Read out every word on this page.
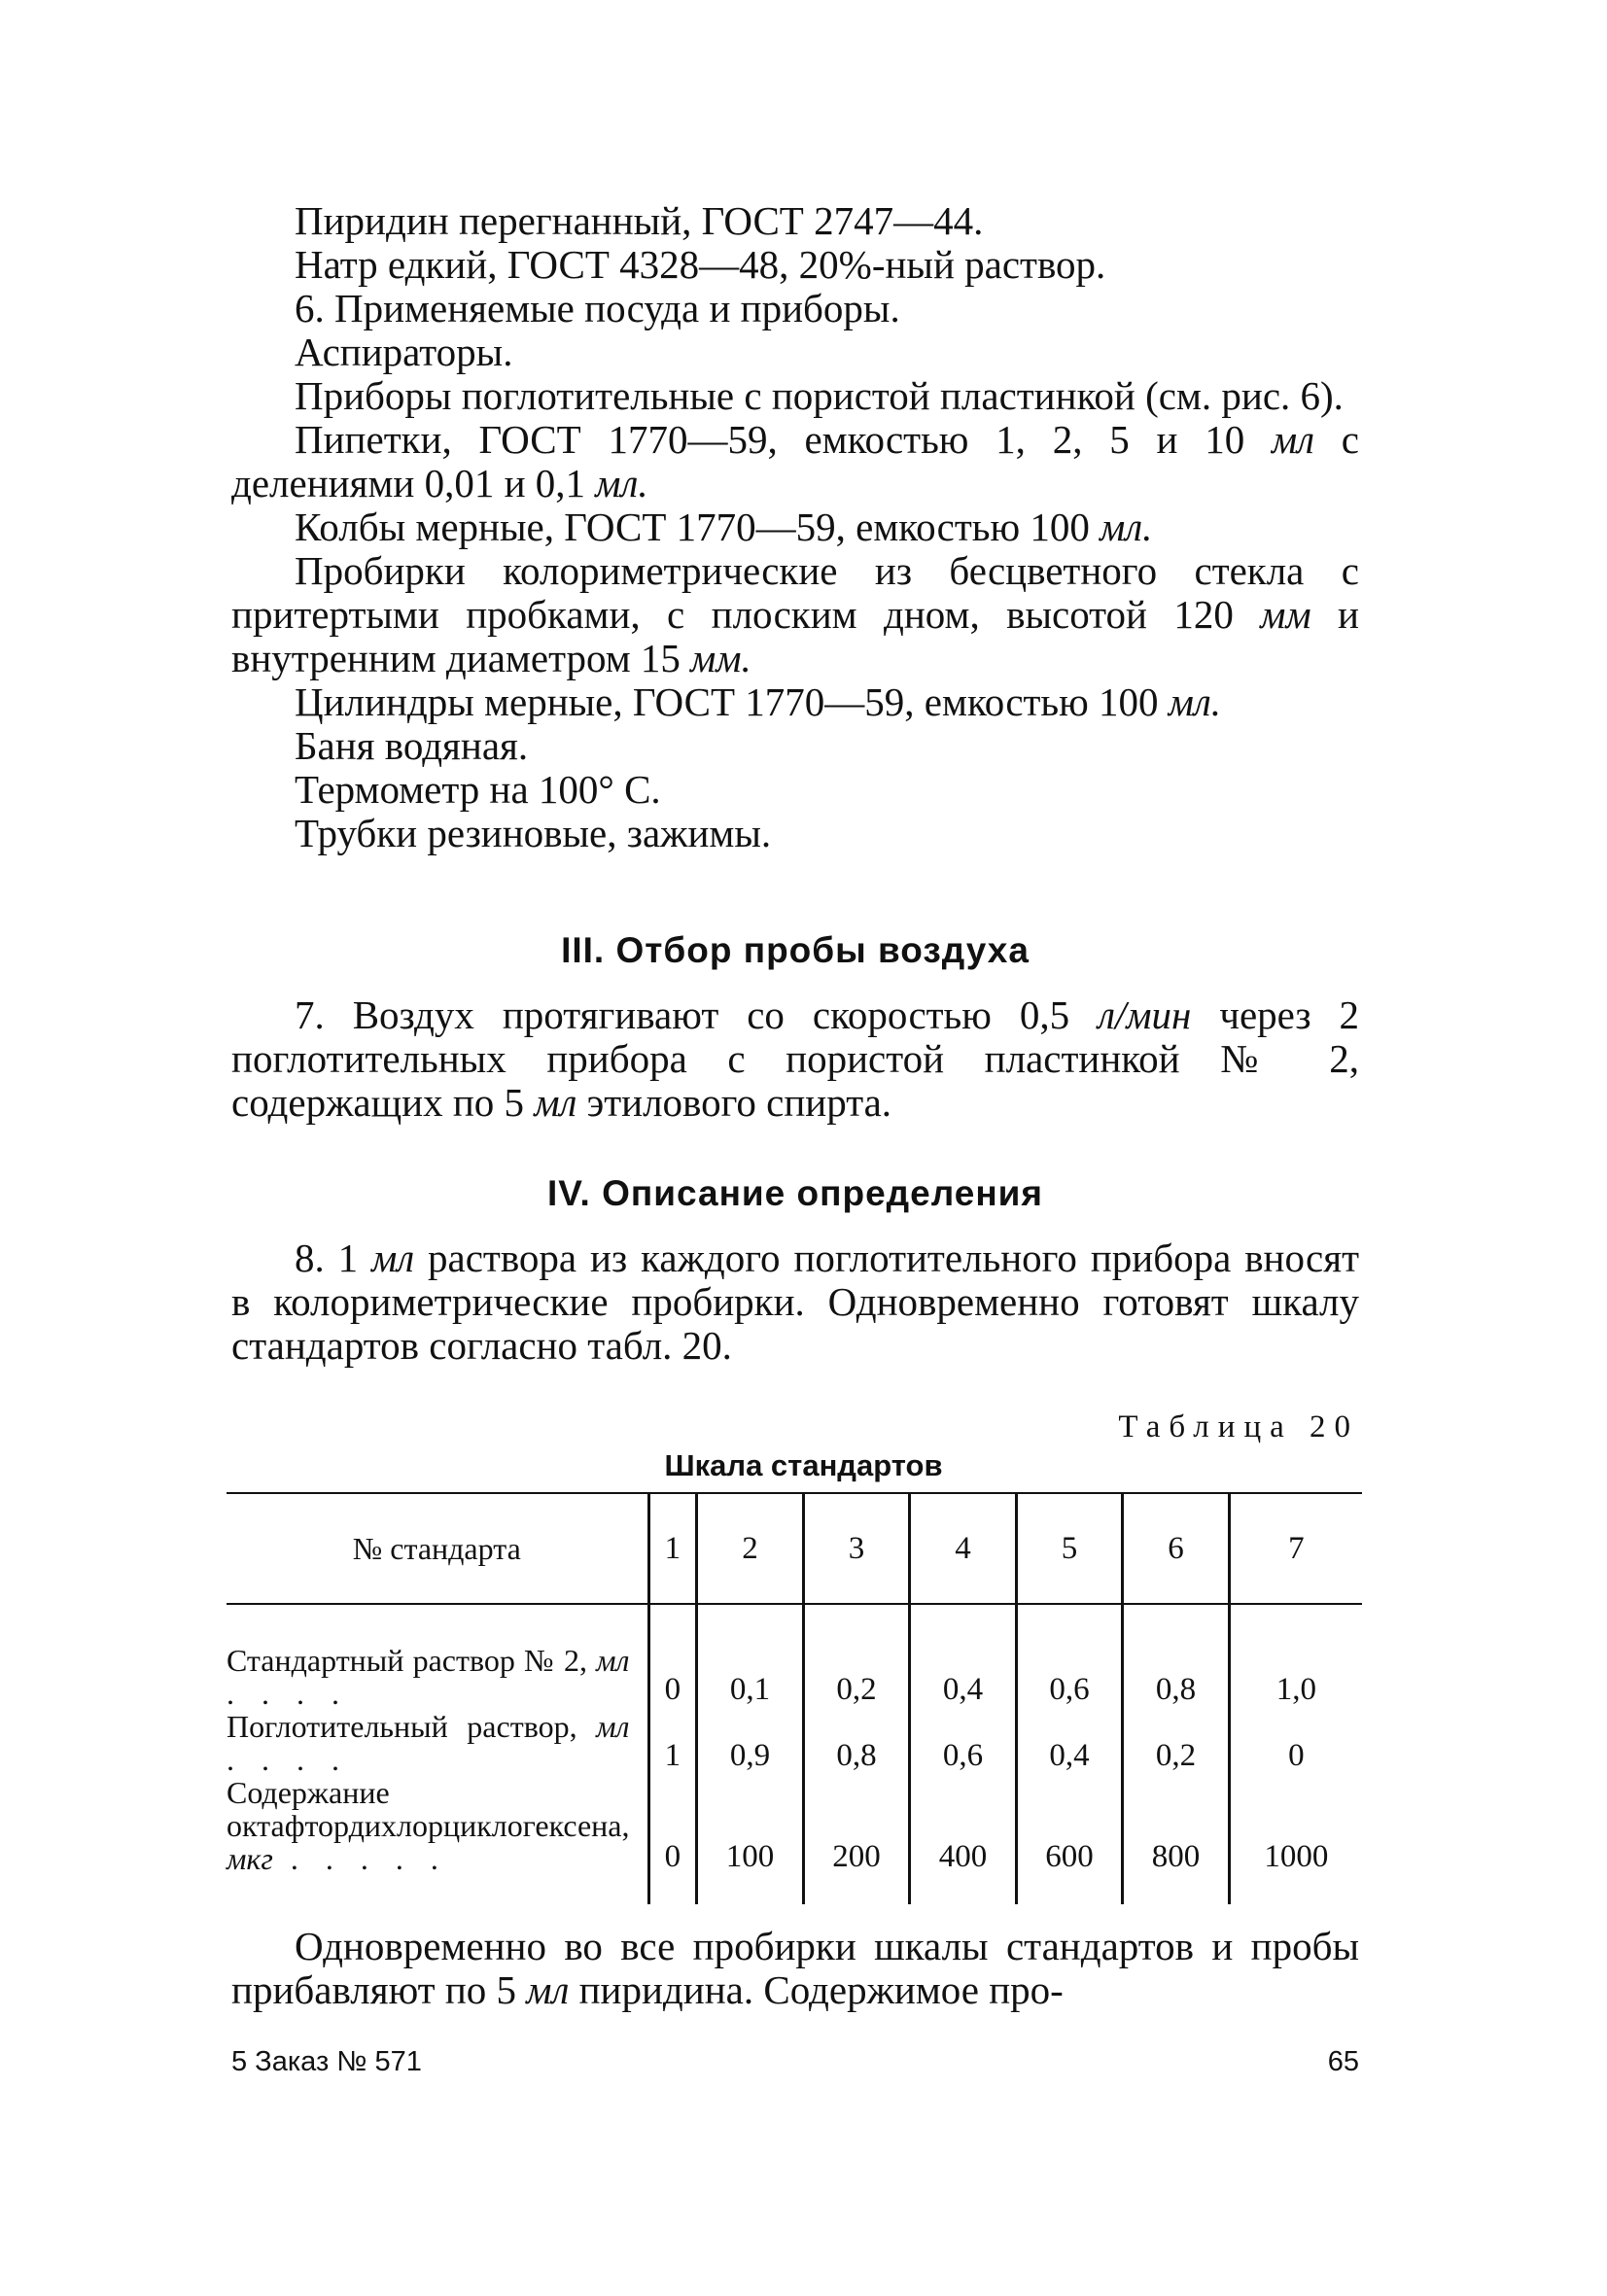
Пиридин перегнанный, ГОСТ 2747—44.

Натр едкий, ГОСТ 4328—48, 20%-ный раствор.

6. Применяемые посуда и приборы.

Аспираторы.

Приборы поглотительные с пористой пластинкой (см. рис. 6).

Пипетки, ГОСТ 1770—59, емкостью 1, 2, 5 и 10 мл с делениями 0,01 и 0,1 мл.

Колбы мерные, ГОСТ 1770—59, емкостью 100 мл.

Пробирки колориметрические из бесцветного стекла с притертыми пробками, с плоским дном, высотой 120 мм и внутренним диаметром 15 мм.

Цилиндры мерные, ГОСТ 1770—59, емкостью 100 мл.

Баня водяная.

Термометр на 100° С.

Трубки резиновые, зажимы.

III. Отбор пробы воздуха

7. Воздух протягивают со скоростью 0,5 л/мин через 2 поглотительных прибора с пористой пластинкой № 2, содержащих по 5 мл этилового спирта.

IV. Описание определения

8. 1 мл раствора из каждого поглотительного прибора вносят в колориметрические пробирки. Одновременно готовят шкалу стандартов согласно табл. 20.

Таблица 20
Шкала стандартов
№ стандарта	1	2	3	4	5	6	7
Стандартный раствор № 2, мл . . . .	0	0,1	0,2	0,4	0,6	0,8	1,0
Поглотительный раствор, мл . . . .	1	0,9	0,8	0,6	0,4	0,2	0
Содержание октафтордихлорциклогексена, мкг . . . . .	0	100	200	400	600	800	1000

Одновременно во все пробирки шкалы стандартов и пробы прибавляют по 5 мл пиридина. Содержимое про-

5 Заказ № 571	65
